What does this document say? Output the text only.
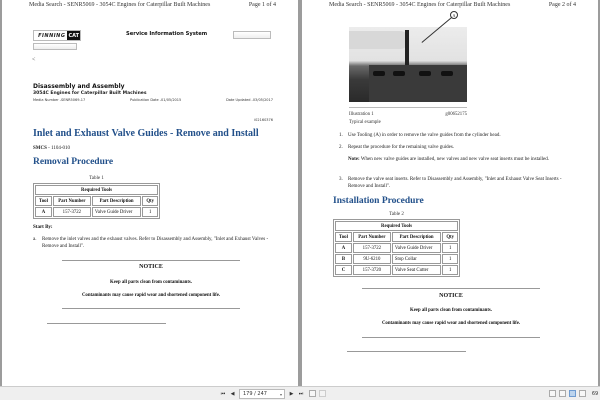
Media Search - SENR5069 - 3054C Engines for Caterpillar Built Machines	Page 1 of 4
FINNING CAT	Service Information System
<
Disassembly and Assembly
3054C Engines for Caterpillar Built Machines
Media Number -SENR5069-17	Publication Date -01/05/2015	Date Updated -03/05/2017
i02160376
Inlet and Exhaust Valve Guides - Remove and Install
SMCS - 1104-010
Removal Procedure
Table 1
Required Tools			
Tool	Part Number	Part Description	Qty
A	157-3722	Valve Guide Driver	1
Start By:
a. Remove the inlet valves and the exhaust valves. Refer to Disassembly and Assembly, "Inlet and Exhaust Valves - Remove and Install".
NOTICE
Keep all parts clean from contaminants.
Contaminants may cause rapid wear and shortened component life.
Media Search - SENR5069 - 3054C Engines for Caterpillar Built Machines	Page 2 of 4
A
Illustration 1	g00652175
Typical example
1.	Use Tooling (A) in order to remove the valve guides from the cylinder head.
2.	Repeat the procedure for the remaining valve guides.
Note: When new valve guides are installed, new valves and new valve seat inserts must be installed.
3.	Remove the valve seat inserts. Refer to Disassembly and Assembly, "Inlet and Exhaust Valve Seat Inserts - Remove and Install".
Installation Procedure
Table 2
Required Tools			
Tool	Part Number	Part Description	Qty
A	157-3722	Valve Guide Driver	1
B	9U-6210	Stop Collar	1
C	157-3720	Valve Seat Cutter	1
NOTICE
Keep all parts clean from contaminants.
Contaminants may cause rapid wear and shortened component life.
⏮ ◀ 179 / 247	▾ ▶ ⏭	69
